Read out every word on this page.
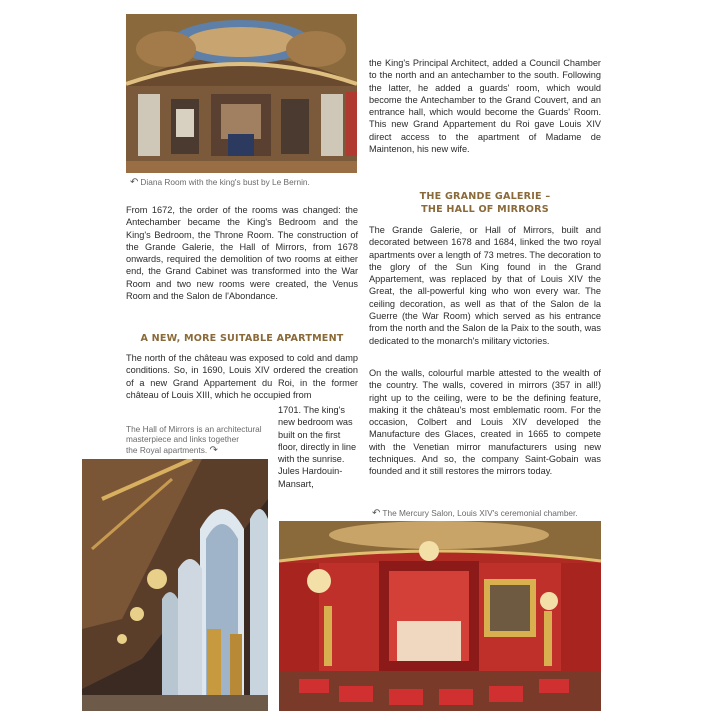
↶ Diana Room with the king's bust by Le Bernin.
From 1672, the order of the rooms was changed: the Antechamber became the King's Bedroom and the King's Bedroom, the Throne Room. The construction of the Grande Galerie, the Hall of Mirrors, from 1678 onwards, required the demolition of two rooms at either end, the Grand Cabinet was transformed into the War Room and two new rooms were created, the Venus Room and the Salon de l'Abondance.
A NEW, MORE SUITABLE APARTMENT
The north of the château was exposed to cold and damp conditions. So, in 1690, Louis XIV ordered the creation of a new Grand Appartement du Roi, in the former château of Louis XIII, which he occupied from
1701. The king's new bedroom was built on the first floor, directly in line with the sunrise. Jules Hardouin-Mansart,
The Hall of Mirrors is an architectural
masterpiece and links together
the Royal apartments. ↷
the King's Principal Architect, added a Council Chamber to the north and an antechamber to the south. Following the latter, he added a guards' room, which would become the Antechamber to the Grand Couvert, and an entrance hall, which would become the Guards' Room. This new Grand Appartement du Roi gave Louis XIV direct access to the apartment of Madame de Maintenon, his new wife.
THE GRANDE GALERIE –
THE HALL OF MIRRORS
The Grande Galerie, or Hall of Mirrors, built and decorated between 1678 and 1684, linked the two royal apartments over a length of 73 metres. The decoration to the glory of the Sun King found in the Grand Appartement, was replaced by that of Louis XIV the Great, the all-powerful king who won every war. The ceiling decoration, as well as that of the Salon de la Guerre (the War Room) which served as his entrance from the north and the Salon de la Paix to the south, was dedicated to the monarch's military victories.
On the walls, colourful marble attested to the wealth of the country. The walls, covered in mirrors (357 in all!) right up to the ceiling, were to be the defining feature, making it the château's most emblematic room. For the occasion, Colbert and Louis XIV developed the Manufacture des Glaces, created in 1665 to compete with the Venetian mirror manufacturers using new techniques. And so, the company Saint-Gobain was founded and it still restores the mirrors today.
↶ The Mercury Salon, Louis XIV's ceremonial chamber.
